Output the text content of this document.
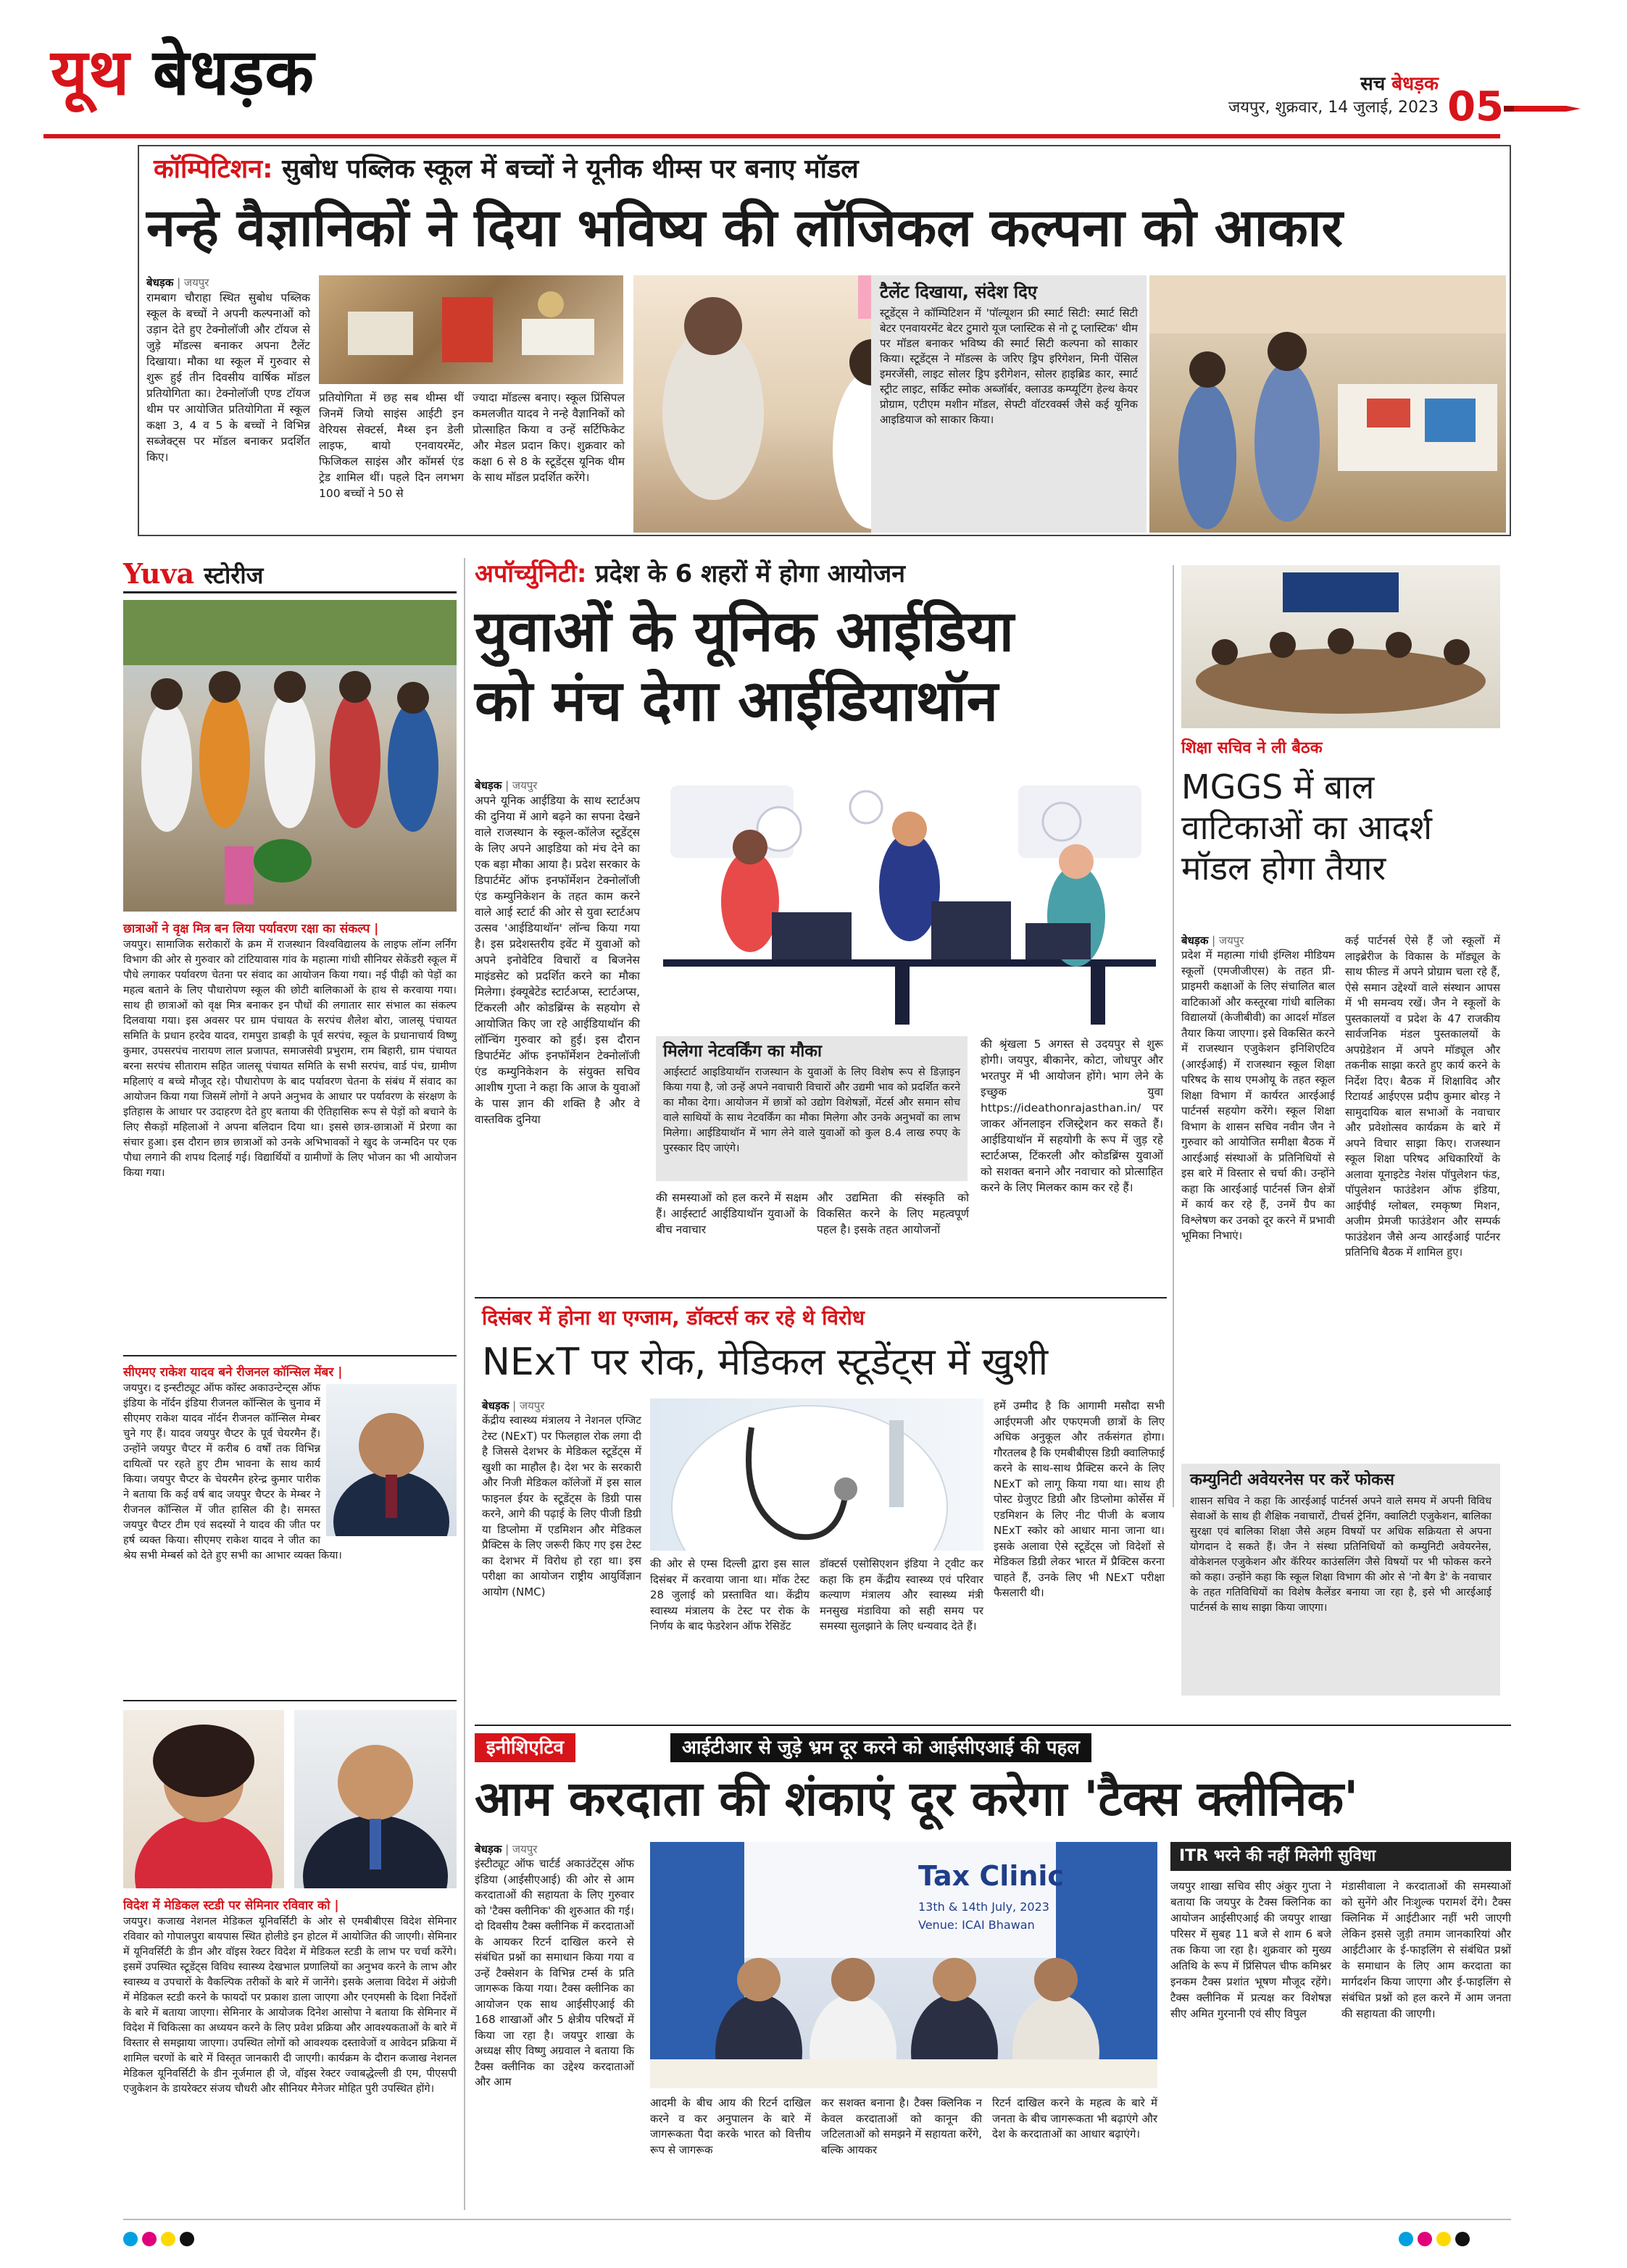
यूथ बेधड़क	सच बेधड़क
जयपुर, शुक्रवार, 14 जुलाई, 2023 05
कॉम्पिटिशन: सुबोध पब्लिक स्कूल में बच्चों ने यूनीक थीम्स पर बनाए मॉडल
नन्हे वैज्ञानिकों ने दिया भविष्य की लॉजिकल कल्पना को आकार
बेधड़क | जयपुर

रामबाग चौराहा स्थित सुबोध पब्लिक स्कूल के बच्चों ने अपनी कल्पनाओं को उड़ान देते हुए टेक्नोलॉजी और टॉयज से जुड़े मॉडल्स बनाकर अपना टैलेंट दिखाया। मौका था स्कूल में गुरुवार से शुरू हुई तीन दिवसीय वार्षिक मॉडल प्रतियोगिता का। टेक्नोलॉजी एण्ड टॉयज थीम पर आयोजित प्रतियोगिता में स्कूल कक्षा 3, 4 व 5 के बच्चों ने विभिन्न सब्जेक्ट्स पर मॉडल बनाकर प्रदर्शित किए।

प्रतियोगिता में छह सब थीम्स थीं जिनमें जियो साइंस आईटी इन वेरियस सेक्टर्स, मैथ्स इन डेली लाइफ, बायो एनवायरमेंट, फिजिकल साइंस और कॉमर्स एंड ट्रेड शामिल थीं। पहले दिन लगभग 100 बच्चों ने 50 से

ज्यादा मॉडल्स बनाए। स्कूल प्रिंसिपल कमलजीत यादव ने नन्हे वैज्ञानिकों को प्रोत्साहित किया व उन्हें सर्टिफिकेट और मेडल प्रदान किए। शुक्रवार को कक्षा 6 से 8 के स्टूडेंट्स यूनिक थीम के साथ मॉडल प्रदर्शित करेंगे।

टैलेंट दिखाया, संदेश दिए

स्टूडेंट्स ने कॉम्पिटिशन में 'पॉल्यूशन फ्री स्मार्ट सिटी: स्मार्ट सिटी बेटर एनवायरमेंट बेटर टुमारो यूज प्लास्टिक से नो टू प्लास्टिक' थीम पर मॉडल बनाकर भविष्य की स्मार्ट सिटी कल्पना को साकार किया। स्टूडेंट्स ने मॉडल्स के जरिए ड्रिप इरिगेशन, मिनी पेंसिल इमरजेंसी, लाइट सोलर ड्रिप इरीगेशन, सोलर हाइब्रिड कार, स्मार्ट स्ट्रीट लाइट, सर्किट स्मोक अब्जॉर्बर, क्लाउड कम्प्यूटिंग हेल्थ केयर प्रोग्राम, एटीएम मशीन मॉडल, सेफ्टी वॉटरवर्क्स जैसे कई यूनिक आइडियाज को साकार किया।

Yuva स्टोरीज
छात्राओं ने वृक्ष मित्र बन लिया पर्यावरण रक्षा का संकल्प |

जयपुर। सामाजिक सरोकारों के क्रम में राजस्थान विश्वविद्यालय के लाइफ लॉन्ग लर्निंग विभाग की ओर से गुरुवार को टांटियावास गांव के महात्मा गांधी सीनियर सेकेंडरी स्कूल में पौधे लगाकर पर्यावरण चेतना पर संवाद का आयोजन किया गया। नई पीढ़ी को पेड़ों का महत्व बताने के लिए पौधारोपण स्कूल की छोटी बालिकाओं के हाथ से करवाया गया। साथ ही छात्राओं को वृक्ष मित्र बनाकर इन पौधों की लगातार सार संभाल का संकल्प दिलवाया गया। इस अवसर पर ग्राम पंचायत के सरपंच शैलेश बोरा, जालसू पंचायत समिति के प्रधान हरदेव यादव, रामपुरा डाबड़ी के पूर्व सरपंच, स्कूल के प्रधानाचार्य विष्णु कुमार, उपसरपंच नारायण लाल प्रजापत, समाजसेवी प्रभुराम, राम बिहारी, ग्राम पंचायत बरना सरपंच सीताराम सहित जालसू पंचायत समिति के सभी सरपंच, वार्ड पंच, ग्रामीण महिलाएं व बच्चे मौजूद रहे। पौधारोपण के बाद पर्यावरण चेतना के संबंध में संवाद का आयोजन किया गया जिसमें लोगों ने अपने अनुभव के आधार पर पर्यावरण के संरक्षण के इतिहास के आधार पर उदाहरण देते हुए बताया की ऐतिहासिक रूप से पेड़ों को बचाने के लिए सैकड़ों महिलाओं ने अपना बलिदान दिया था। इससे छात्र-छात्राओं में प्रेरणा का संचार हुआ। इस दौरान छात्र छात्राओं को उनके अभिभावकों ने खुद के जन्मदिन पर एक पौधा लगाने की शपथ दिलाई गई। विद्यार्थियों व ग्रामीणों के लिए भोजन का भी आयोजन किया गया।

सीएमए राकेश यादव बने रीजनल कॉन्सिल मेंबर |

जयपुर। द इन्स्टीट्यूट ऑफ कॉस्ट अकाउन्टेन्ट्स ऑफ इंडिया के नॉर्दन इंडिया रीजनल कॉन्सिल के चुनाव में सीएमए राकेश यादव नॉर्दन रीजनल कॉन्सिल मेम्बर चुने गए हैं। यादव जयपुर चैप्टर के पूर्व चेयरमैन हैं। उन्होंने जयपुर चैप्टर में करीब 6 वर्षों तक विभिन्न दायित्वों पर रहते हुए टीम भावना के साथ कार्य किया। जयपुर चैप्टर के चेयरमैन हरेन्द्र कुमार पारीक ने बताया कि कई वर्ष बाद जयपुर चैप्टर के मेम्बर ने रीजनल कॉन्सिल में जीत हासिल की है। समस्त जयपुर चैप्टर टीम एवं सदस्यों ने यादव की जीत पर हर्ष व्यक्त किया। सीएमए राकेश यादव ने जीत का श्रेय सभी मेम्बर्स को देते हुए सभी का आभार व्यक्त किया।

विदेश में मेडिकल स्टडी पर सेमिनार रविवार को |

जयपुर। कजाख नेशनल मेडिकल यूनिवर्सिटी के ओर से एमबीबीएस विदेश सेमिनार रविवार को गोपालपुरा बायपास स्थित होलीडे इन होटल में आयोजित की जाएगी। सेमिनार में यूनिवर्सिटी के डीन और वॉइस रेक्टर विदेश में मेडिकल स्टडी के लाभ पर चर्चा करेंगे। इसमें उपस्थित स्टूडेंट्स विविध स्वास्थ्य देखभाल प्रणालियों का अनुभव करने के लाभ और स्वास्थ्य व उपचारों के वैकल्पिक तरीकों के बारे में जानेंगे। इसके अलावा विदेश में अंग्रेजी में मेडिकल स्टडी करने के फायदों पर प्रकाश डाला जाएगा और एनएमसी के दिशा निर्देशों के बारे में बताया जाएगा। सेमिनार के आयोजक दिनेश आसोपा ने बताया कि सेमिनार में विदेश में चिकित्सा का अध्ययन करने के लिए प्रवेश प्रक्रिया और आवश्यकताओं के बारे में विस्तार से समझाया जाएगा। उपस्थित लोगों को आवश्यक दस्तावेजों व आवेदन प्रक्रिया में शामिल चरणों के बारे में विस्तृत जानकारी दी जाएगी। कार्यक्रम के दौरान कजाख नेशनल मेडिकल यूनिवर्सिटी के डीन नूर्जमाल ही जे, वॉइस रेक्टर ज्वाबद्धेल्ली डी एम, पीएसपी एजुकेशन के डायरेक्टर संजय चौधरी और सीनियर मैनेजर मोहित पुरी उपस्थित होंगे।

अपॉर्च्युनिटी: प्रदेश के 6 शहरों में होगा आयोजन
युवाओं के यूनिक आईडिया
को मंच देगा आईडियाथॉन
बेधड़क | जयपुर

अपने यूनिक आईडिया के साथ स्टार्टअप की दुनिया में आगे बढ़ने का सपना देखने वाले राजस्थान के स्कूल-कॉलेज स्टूडेंट्स के लिए अपने आइडिया को मंच देने का एक बड़ा मौका आया है। प्रदेश सरकार के डिपार्टमेंट ऑफ इनफॉर्मेशन टेक्नोलॉजी एंड कम्युनिकेशन के तहत काम करने वाले आई स्टार्ट की ओर से युवा स्टार्टअप उत्सव 'आईडियाथॉन' लॉन्च किया गया है। इस प्रदेशस्तरीय इवेंट में युवाओं को अपने इनोवेटिव विचारों व बिजनेस माइंडसेट को प्रदर्शित करने का मौका मिलेगा। इंक्यूबेटेड स्टार्टअप्स, स्टार्टअप्स, टिंकरली और कोडब्रिंग्स के सहयोग से आयोजित किए जा रहे आईडियाथॉन की लॉन्चिंग गुरुवार को हुई। इस दौरान डिपार्टमेंट ऑफ इनफॉर्मेशन टेक्नोलॉजी एंड कम्युनिकेशन के संयुक्त सचिव आशीष गुप्ता ने कहा कि आज के युवाओं के पास ज्ञान की शक्ति है और वे वास्तविक दुनिया

मिलेगा नेटवर्किंग का मौका

आईस्टार्ट आइडियाथॉन राजस्थान के युवाओं के लिए विशेष रूप से डिज़ाइन किया गया है, जो उन्हें अपने नवाचारी विचारों और उद्यमी भाव को प्रदर्शित करने का मौका देगा। आयोजन में छात्रों को उद्योग विशेषज्ञों, मेंटर्स और समान सोच वाले साथियों के साथ नेटवर्किंग का मौका मिलेगा और उनके अनुभवों का लाभ मिलेगा। आईडियाथॉन में भाग लेने वाले युवाओं को कुल 8.4 लाख रुपए के पुरस्कार दिए जाएंगे।

की श्रृंखला 5 अगस्त से उदयपुर से शुरू होगी। जयपुर, बीकानेर, कोटा, जोधपुर और भरतपुर में भी आयोजन होंगे। भाग लेने के इच्छुक युवा https://ideathonrajasthan.in/ पर जाकर ऑनलाइन रजिस्ट्रेशन कर सकते हैं। आईडियाथॉन में सहयोगी के रूप में जुड़ रहे स्टार्टअप्स, टिंकरली और कोडब्रिंग्स युवाओं को सशक्त बनाने और नवाचार को प्रोत्साहित करने के लिए मिलकर काम कर रहे हैं।

की समस्याओं को हल करने में सक्षम हैं। आईस्टार्ट आईडियाथॉन युवाओं के बीच नवाचार

और उद्यमिता की संस्कृति को विकसित करने के लिए महत्वपूर्ण पहल है। इसके तहत आयोजनों

शिक्षा सचिव ने ली बैठक
MGGS में बाल वाटिकाओं का आदर्श मॉडल होगा तैयार
बेधड़क | जयपुर

प्रदेश में महात्मा गांधी इंग्लिश मीडियम स्कूलों (एमजीजीएस) के तहत प्री-प्राइमरी कक्षाओं के लिए संचालित बाल वाटिकाओं और कस्तूरबा गांधी बालिका विद्यालयों (केजीबीवी) का आदर्श मॉडल तैयार किया जाएगा। इसे विकसित करने में राजस्थान एजुकेशन इनिशिएटिव (आरईआई) में राजस्थान स्कूल शिक्षा परिषद के साथ एमओयू के तहत स्कूल शिक्षा विभाग में कार्यरत आरईआई पार्टनर्स सहयोग करेंगे। स्कूल शिक्षा विभाग के शासन सचिव नवीन जैन ने गुरुवार को आयोजित समीक्षा बैठक में आरईआई संस्थाओं के प्रतिनिधियों से इस बारे में विस्तार से चर्चा की। उन्होंने कहा कि आरईआई पार्टनर्स जिन क्षेत्रों में कार्य कर रहे हैं, उनमें ग्रैप का विश्लेषण कर उनको दूर करने में प्रभावी भूमिका निभाएं।

कई पार्टनर्स ऐसे हैं जो स्कूलों में लाइब्रेरीज के विकास के मॉड्यूल के साथ फील्ड में अपने प्रोग्राम चला रहे हैं, ऐसे समान उद्देश्यों वाले संस्थान आपस में भी समन्वय रखें। जैन ने स्कूलों के पुस्तकालयों व प्रदेश के 47 राजकीय सार्वजनिक मंडल पुस्तकालयों के अपग्रेडेशन में अपने मॉड्यूल और तकनीक साझा करते हुए कार्य करने के निर्देश दिए। बैठक में शिक्षाविद और रिटायर्ड आईएएस प्रदीप कुमार बोरड़ ने सामुदायिक बाल सभाओं के नवाचार और प्रवेशोत्सव कार्यक्रम के बारे में अपने विचार साझा किए। राजस्थान स्कूल शिक्षा परिषद अधिकारियों के अलावा यूनाइटेड नेशंस पॉपुलेशन फंड, पॉपुलेशन फाउंडेशन ऑफ इंडिया, आईपीई ग्लोबल, रमकृष्ण मिशन, अजीम प्रेमजी फाउंडेशन और सम्पर्क फाउंडेशन जैसे अन्य आरईआई पार्टनर प्रतिनिधि बैठक में शामिल हुए।

कम्युनिटी अवेयरनेस पर करें फोकस

शासन सचिव ने कहा कि आरईआई पार्टनर्स अपने वाले समय में अपनी विविध सेवाओं के साथ ही शैक्षिक नवाचारों, टीचर्स ट्रेनिंग, क्वालिटी एजुकेशन, बालिका सुरक्षा एवं बालिका शिक्षा जैसे अहम विषयों पर अधिक सक्रियता से अपना योगदान दे सकते हैं। जैन ने संस्था प्रतिनिधियों को कम्युनिटी अवेयरनेस, वोकेशनल एजुकेशन और कॅरियर काउंसलिंग जैसे विषयों पर भी फोकस करने को कहा। उन्होंने कहा कि स्कूल शिक्षा विभाग की ओर से 'नो बैग डे' के नवाचार के तहत गतिविधियों का विशेष कैलेंडर बनाया जा रहा है, इसे भी आरईआई पार्टनर्स के साथ साझा किया जाएगा।

दिसंबर में होना था एग्जाम, डॉक्टर्स कर रहे थे विरोध
NExT पर रोक, मेडिकल स्टूडेंट्स में खुशी
बेधड़क | जयपुर

केंद्रीय स्वास्थ्य मंत्रालय ने नेशनल एग्जिट टेस्ट (NExT) पर फिलहाल रोक लगा दी है जिससे देशभर के मेडिकल स्टूडेंट्स में खुशी का माहौल है। देश भर के सरकारी और निजी मेडिकल कॉलेजों में इस साल फाइनल ईयर के स्टूडेंट्स के डिग्री पास करने, आगे की पढ़ाई के लिए पीजी डिग्री या डिप्लोमा में एडमिशन और मेडिकल प्रैक्टिस के लिए जरूरी किए गए इस टेस्ट का देशभर में विरोध हो रहा था। इस परीक्षा का आयोजन राष्ट्रीय आयुर्विज्ञान आयोग (NMC)

की ओर से एम्स दिल्ली द्वारा इस साल दिसंबर में करवाया जाना था। मॉक टेस्ट 28 जुलाई को प्रस्तावित था। केंद्रीय स्वास्थ्य मंत्रालय के टेस्ट पर रोक के निर्णय के बाद फेडरेशन ऑफ रेसिडेंट

डॉक्टर्स एसोसिएशन इंडिया ने ट्वीट कर कहा कि हम केंद्रीय स्वास्थ्य एवं परिवार कल्याण मंत्रालय और स्वास्थ्य मंत्री मनसुख मंडाविया को सही समय पर समस्या सुलझाने के लिए धन्यवाद देते हैं।

हमें उम्मीद है कि आगामी मसौदा सभी आईएमजी और एफएमजी छात्रों के लिए अधिक अनुकूल और तर्कसंगत होगा। गौरतलब है कि एमबीबीएस डिग्री क्वालिफाई करने के साथ-साथ प्रैक्टिस करने के लिए NExT को लागू किया गया था। साथ ही पोस्ट ग्रेजुएट डिग्री और डिप्लोमा कोर्सेस में एडमिशन के लिए नीट पीजी के बजाय NExT स्कोर को आधार माना जाना था। इसके अलावा ऐसे स्टूडेंट्स जो विदेशों से मेडिकल डिग्री लेकर भारत में प्रैक्टिस करना चाहते हैं, उनके लिए भी NExT परीक्षा फैसलारी थी।

इनीशिएटिव	आईटीआर से जुड़े भ्रम दूर करने को आईसीएआई की पहल
आम करदाता की शंकाएं दूर करेगा 'टैक्स क्लीनिक'
बेधड़क | जयपुर

इंस्टीट्यूट ऑफ चार्टर्ड अकाउंटेंट्स ऑफ इंडिया (आईसीएआई) की ओर से आम करदाताओं की सहायता के लिए गुरुवार को 'टैक्स क्लीनिक' की शुरुआत की गई। दो दिवसीय टैक्स क्लीनिक में करदाताओं के आयकर रिटर्न दाखिल करने से संबंधित प्रश्नों का समाधान किया गया व उन्हें टैक्सेशन के विभिन्न टर्म्स के प्रति जागरूक किया गया। टैक्स क्लीनिक का आयोजन एक साथ आईसीएआई की 168 शाखाओं और 5 क्षेत्रीय परिषदों में किया जा रहा है। जयपुर शाखा के अध्यक्ष सीए विष्णु अग्रवाल ने बताया कि टैक्स क्लीनिक का उद्देश्य करदाताओं और आम

Tax Clinic
13th & 14th July, 2023
Venue: ICAI Bhawan

आदमी के बीच आय की रिटर्न दाखिल करने व कर अनुपालन के बारे में जागरूकता पैदा करके भारत को वित्तीय रूप से जागरूक

कर सशक्त बनाना है। टैक्स क्लिनिक न केवल करदाताओं को कानून की जटिलताओं को समझने में सहायता करेंगे, बल्कि आयकर

रिटर्न दाखिल करने के महत्व के बारे में जनता के बीच जागरूकता भी बढ़ाएंगे और देश के करदाताओं का आधार बढ़ाएंगे।

ITR भरने की नहीं मिलेगी सुविधा

जयपुर शाखा सचिव सीए अंकुर गुप्ता ने बताया कि जयपुर के टैक्स क्लिनिक का आयोजन आईसीएआई की जयपुर शाखा परिसर में सुबह 11 बजे से शाम 6 बजे तक किया जा रहा है। शुक्रवार को मुख्य अतिथि के रूप में प्रिंसिपल चीफ कमिश्नर इनकम टैक्स प्रशांत भूषण मौजूद रहेंगे। टैक्स क्लीनिक में प्रत्यक्ष कर विशेषज्ञ सीए अमित गुरनानी एवं सीए विपुल

मंडासीवाला ने करदाताओं की समस्याओं को सुनेंगे और निःशुल्क परामर्श देंगे। टैक्स क्लिनिक में आईटीआर नहीं भरी जाएगी लेकिन इससे जुड़ी तमाम जानकारियां और आईटीआर के ई-फाइलिंग से संबंधित प्रश्नों के समाधान के लिए आम करदाता का मार्गदर्शन किया जाएगा और ई-फाइलिंग से संबंधित प्रश्नों को हल करने में आम जनता की सहायता की जाएगी।
